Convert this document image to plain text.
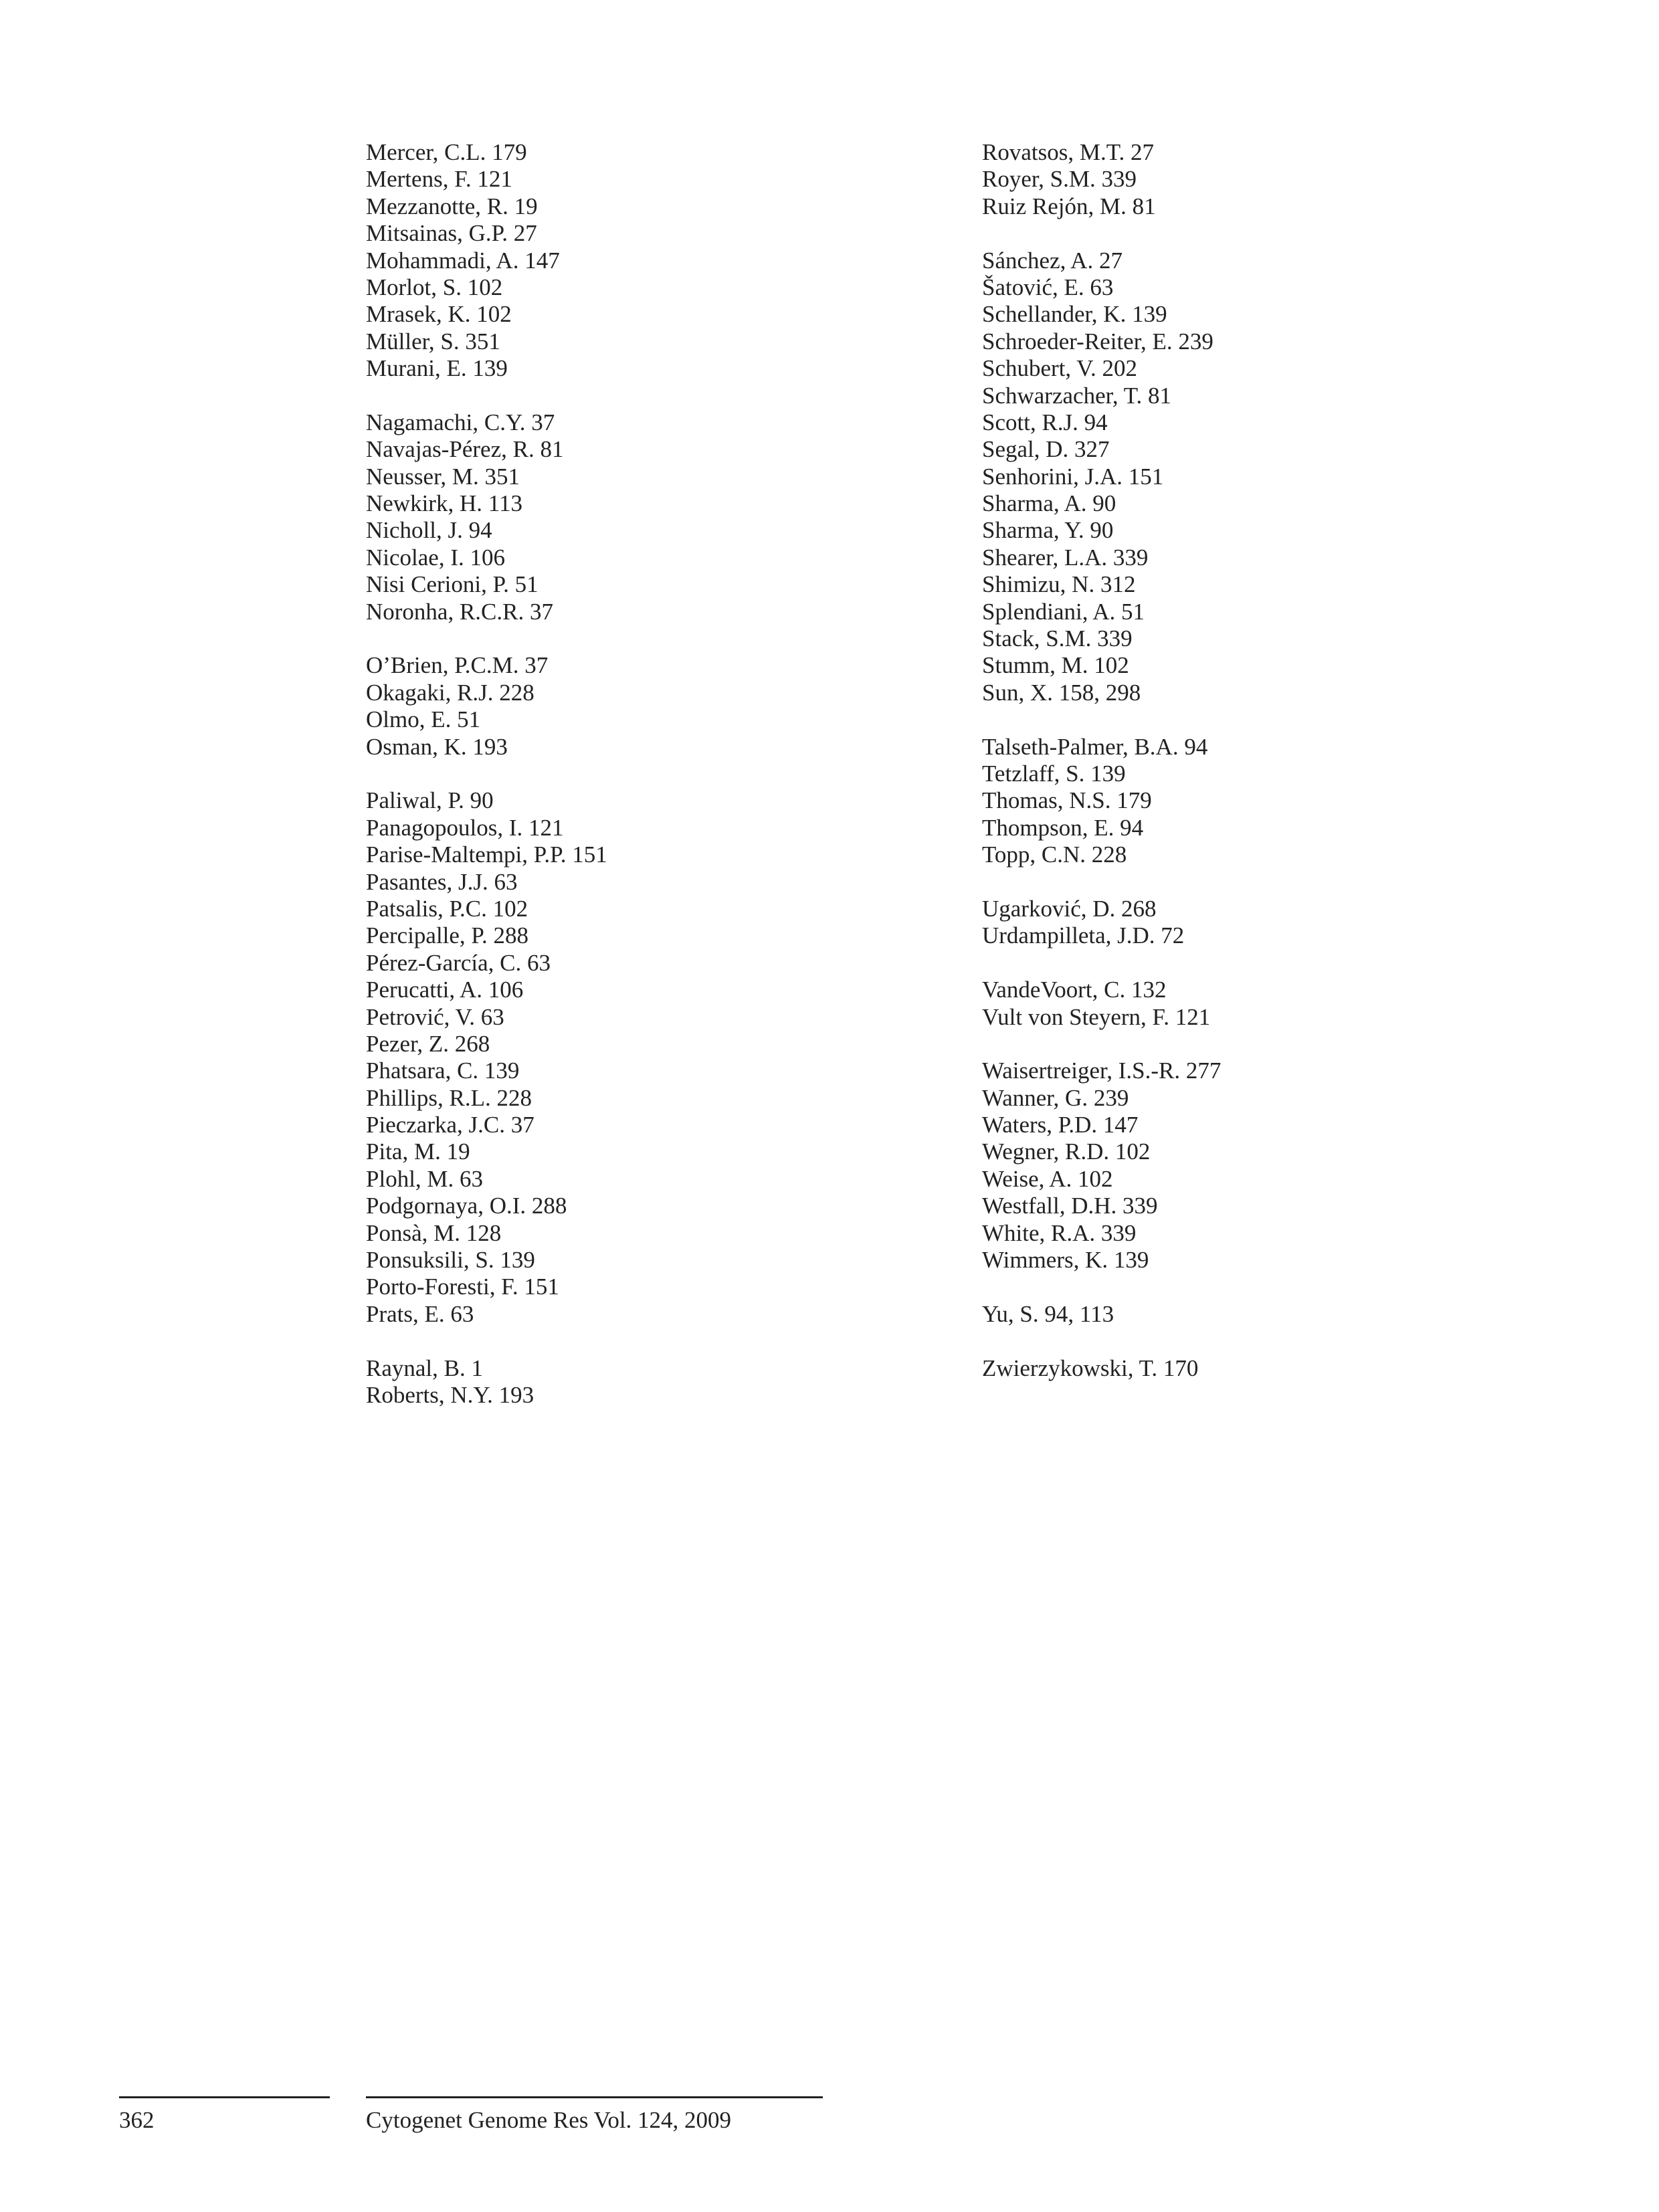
Mercer, C.L. 179
Mertens, F. 121
Mezzanotte, R. 19
Mitsainas, G.P. 27
Mohammadi, A. 147
Morlot, S. 102
Mrasek, K. 102
Müller, S. 351
Murani, E. 139
Nagamachi, C.Y. 37
Navajas-Pérez, R. 81
Neusser, M. 351
Newkirk, H. 113
Nicholl, J. 94
Nicolae, I. 106
Nisi Cerioni, P. 51
Noronha, R.C.R. 37
O’Brien, P.C.M. 37
Okagaki, R.J. 228
Olmo, E. 51
Osman, K. 193
Paliwal, P. 90
Panagopoulos, I. 121
Parise-Maltempi, P.P. 151
Pasantes, J.J. 63
Patsalis, P.C. 102
Percipalle, P. 288
Pérez-García, C. 63
Perucatti, A. 106
Petrović, V. 63
Pezer, Z. 268
Phatsara, C. 139
Phillips, R.L. 228
Pieczarka, J.C. 37
Pita, M. 19
Plohl, M. 63
Podgornaya, O.I. 288
Ponsà, M. 128
Ponsuksili, S. 139
Porto-Foresti, F. 151
Prats, E. 63
Raynal, B. 1
Roberts, N.Y. 193
Rovatsos, M.T. 27
Royer, S.M. 339
Ruiz Rejón, M. 81
Sánchez, A. 27
Šatović, E. 63
Schellander, K. 139
Schroeder-Reiter, E. 239
Schubert, V. 202
Schwarzacher, T. 81
Scott, R.J. 94
Segal, D. 327
Senhorini, J.A. 151
Sharma, A. 90
Sharma, Y. 90
Shearer, L.A. 339
Shimizu, N. 312
Splendiani, A. 51
Stack, S.M. 339
Stumm, M. 102
Sun, X. 158, 298
Talseth-Palmer, B.A. 94
Tetzlaff, S. 139
Thomas, N.S. 179
Thompson, E. 94
Topp, C.N. 228
Ugarković, D. 268
Urdampilleta, J.D. 72
VandeVoort, C. 132
Vult von Steyern, F. 121
Waisertreiger, I.S.-R. 277
Wanner, G. 239
Waters, P.D. 147
Wegner, R.D. 102
Weise, A. 102
Westfall, D.H. 339
White, R.A. 339
Wimmers, K. 139
Yu, S. 94, 113
Zwierzykowski, T. 170
362	Cytogenet Genome Res Vol. 124, 2009
